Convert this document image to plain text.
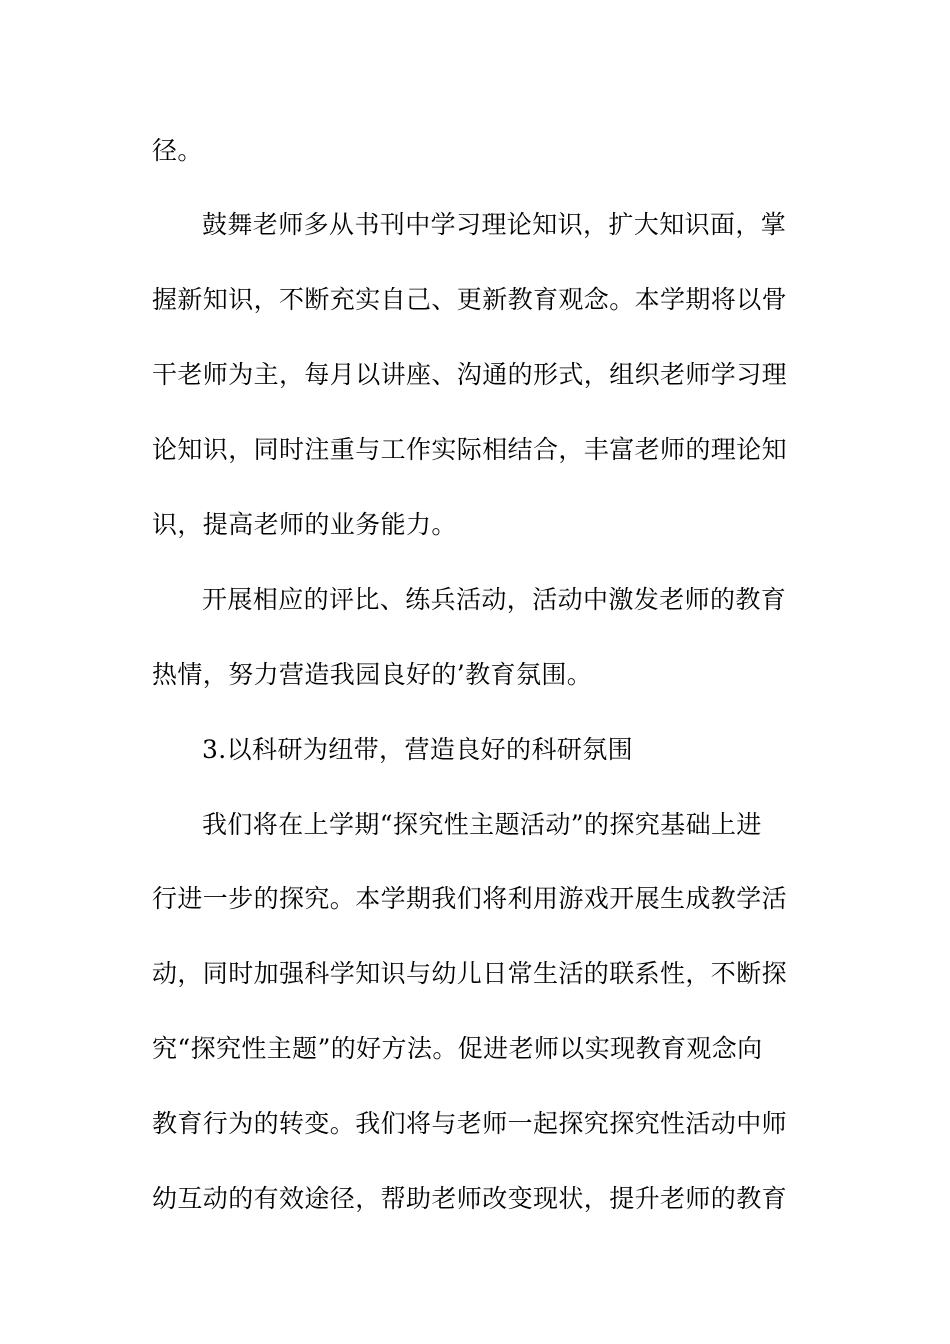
径。
鼓舞老师多从书刊中学习理论知识，扩大知识面，掌
握新知识，不断充实自己、更新教育观念。本学期将以骨
干老师为主，每月以讲座、沟通的形式，组织老师学习理
论知识，同时注重与工作实际相结合，丰富老师的理论知
识，提高老师的业务能力。
开展相应的评比、练兵活动，活动中激发老师的教育
热情，努力营造我园良好的’教育氛围。
3.以科研为纽带，营造良好的科研氛围
我们将在上学期“探究性主题活动”的探究基础上进
行进一步的探究。本学期我们将利用游戏开展生成教学活
动，同时加强科学知识与幼儿日常生活的联系性，不断探
究“探究性主题”的好方法。促进老师以实现教育观念向
教育行为的转变。我们将与老师一起探究探究性活动中师
幼互动的有效途径，帮助老师改变现状，提升老师的教育
